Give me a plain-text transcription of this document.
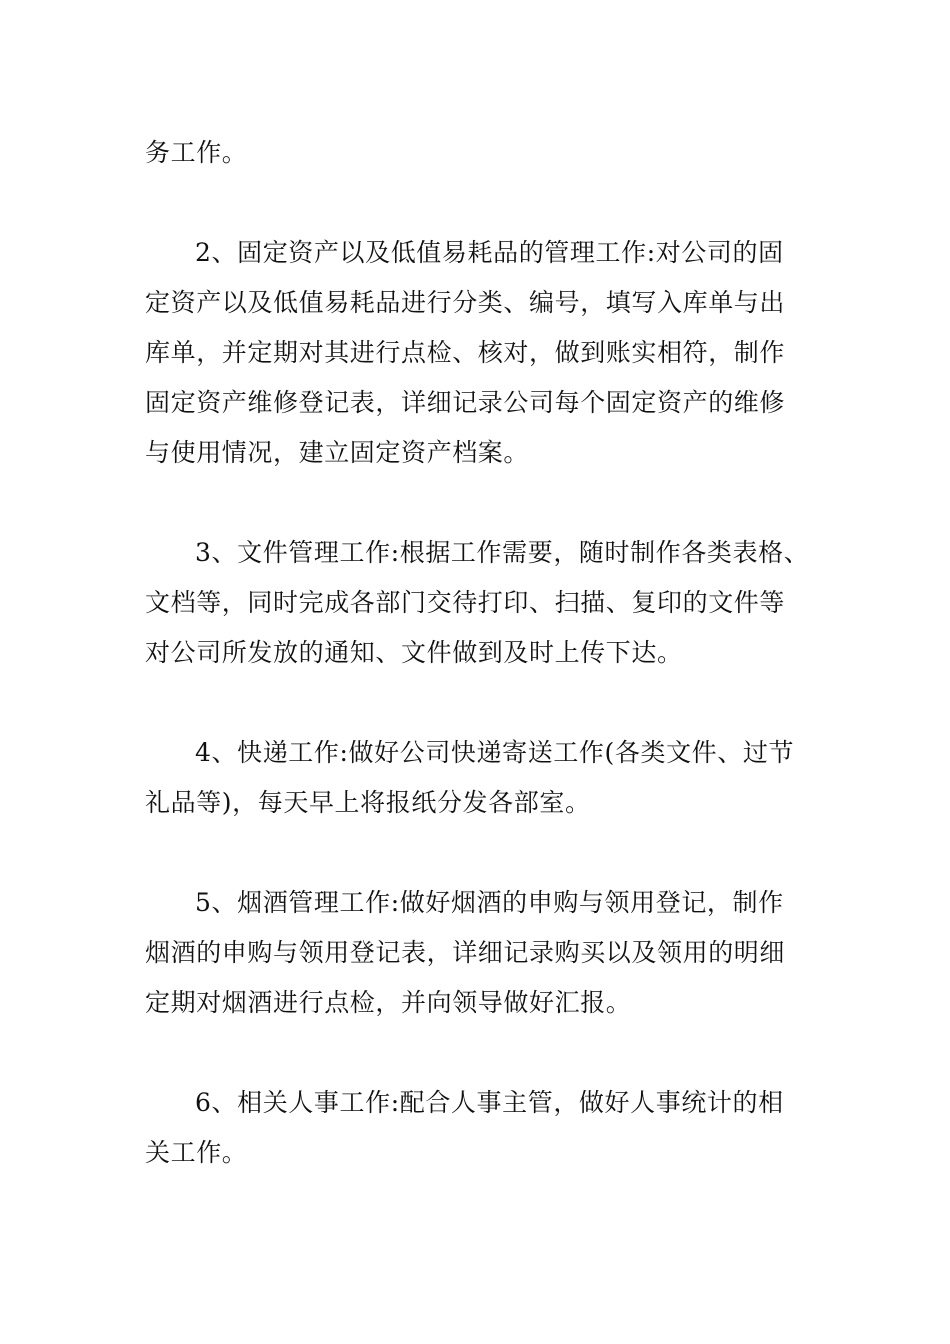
务工作。

2、固定资产以及低值易耗品的管理工作:对公司的固
定资产以及低值易耗品进行分类、编号，填写入库单与出
库单，并定期对其进行点检、核对，做到账实相符，制作
固定资产维修登记表，详细记录公司每个固定资产的维修
与使用情况，建立固定资产档案。

3、文件管理工作:根据工作需要，随时制作各类表格、
文档等，同时完成各部门交待打印、扫描、复印的文件等
对公司所发放的通知、文件做到及时上传下达。

4、快递工作:做好公司快递寄送工作(各类文件、过节
礼品等)，每天早上将报纸分发各部室。

5、烟酒管理工作:做好烟酒的申购与领用登记，制作
烟酒的申购与领用登记表，详细记录购买以及领用的明细
定期对烟酒进行点检，并向领导做好汇报。

6、相关人事工作:配合人事主管，做好人事统计的相
关工作。
